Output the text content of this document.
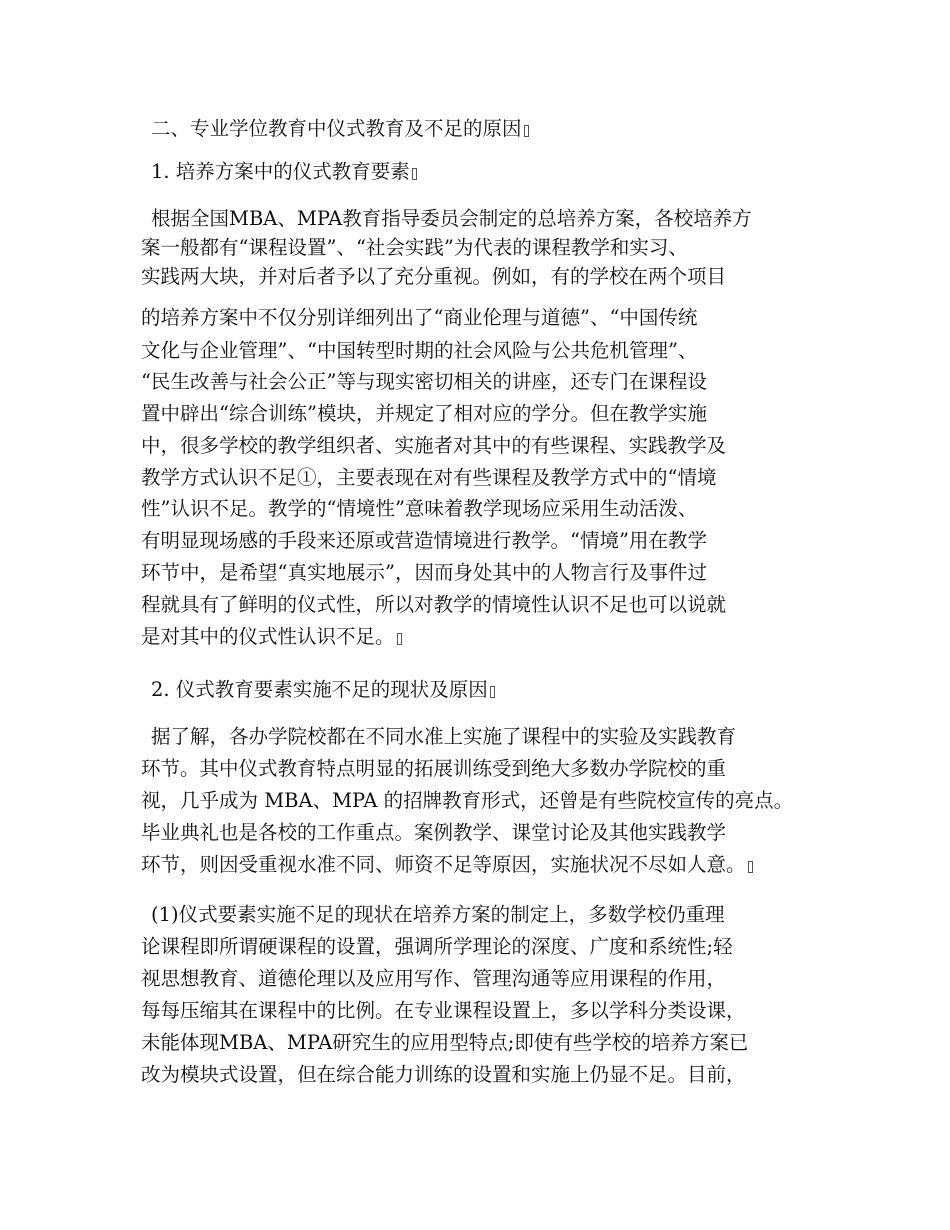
二、专业学位教育中仪式教育及不足的原因
1. 培养方案中的仪式教育要素
根据全国MBA、MPA教育指导委员会制定的总培养方案，各校培养方
案一般都有“课程设置”、“社会实践”为代表的课程教学和实习、
实践两大块，并对后者予以了充分重视。例如，有的学校在两个项目
的培养方案中不仅分别详细列出了“商业伦理与道德”、“中国传统
文化与企业管理”、“中国转型时期的社会风险与公共危机管理”、
“民生改善与社会公正”等与现实密切相关的讲座，还专门在课程设
置中辟出“综合训练”模块，并规定了相对应的学分。但在教学实施
中，很多学校的教学组织者、实施者对其中的有些课程、实践教学及
教学方式认识不足①，主要表现在对有些课程及教学方式中的“情境
性”认识不足。教学的“情境性”意味着教学现场应采用生动活泼、
有明显现场感的手段来还原或营造情境进行教学。“情境”用在教学
环节中，是希望“真实地展示”，因而身处其中的人物言行及事件过
程就具有了鲜明的仪式性，所以对教学的情境性认识不足也可以说就
是对其中的仪式性认识不足。
2. 仪式教育要素实施不足的现状及原因
据了解，各办学院校都在不同水准上实施了课程中的实验及实践教育
环节。其中仪式教育特点明显的拓展训练受到绝大多数办学院校的重
视，几乎成为 MBA、MPA 的招牌教育形式，还曾是有些院校宣传的亮点。
毕业典礼也是各校的工作重点。案例教学、课堂讨论及其他实践教学
环节，则因受重视水准不同、师资不足等原因，实施状况不尽如人意。
(1)仪式要素实施不足的现状在培养方案的制定上，多数学校仍重理
论课程即所谓硬课程的设置，强调所学理论的深度、广度和系统性;轻
视思想教育、道德伦理以及应用写作、管理沟通等应用课程的作用，
每每压缩其在课程中的比例。在专业课程设置上，多以学科分类设课，
未能体现MBA、MPA研究生的应用型特点;即使有些学校的培养方案已
改为模块式设置，但在综合能力训练的设置和实施上仍显不足。目前，
